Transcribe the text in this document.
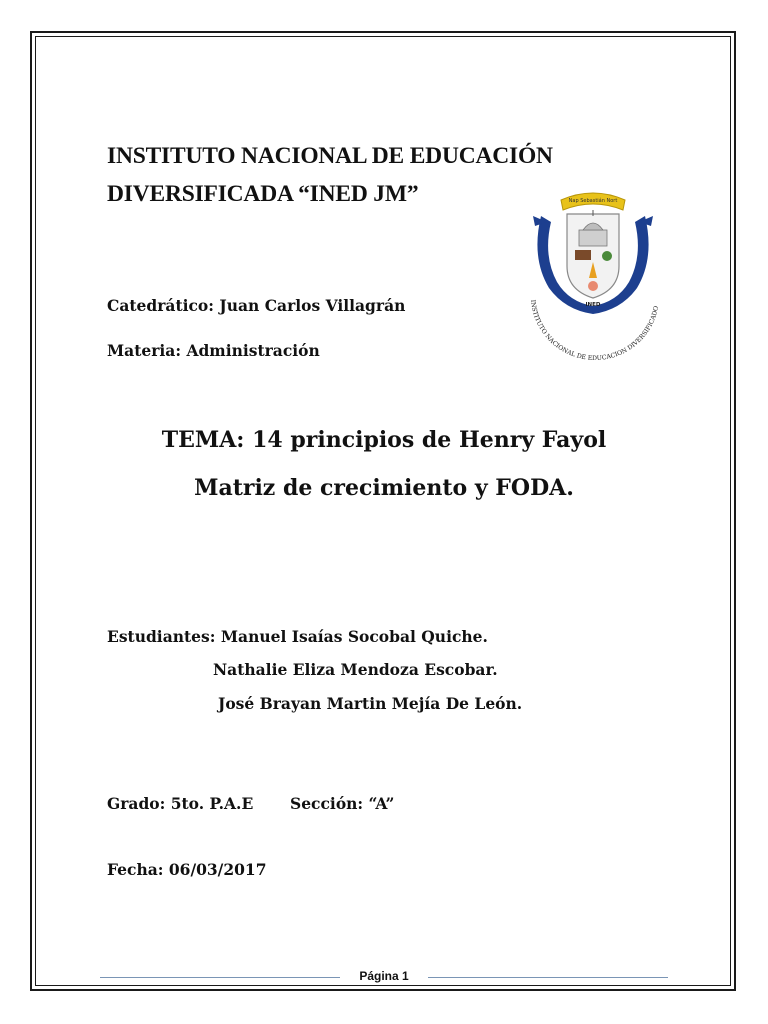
INSTITUTO NACIONAL DE EDUCACIÓN
DIVERSIFICADA “INED JM”	Nap Sebastián Nort
INED
INSTITUTO NACIONAL DE EDUCACION DIVERSIFICADO
Catedrático: Juan Carlos Villagrán
Materia: Administración
TEMA: 14 principios de Henry Fayol
Matriz de crecimiento y FODA.
Estudiantes: Manuel Isaías Socobal Quiche.
Nathalie Eliza Mendoza Escobar.
José Brayan Martin Mejía De León.
Grado: 5to. P.A.E Sección: “A”
Fecha: 06/03/2017
Página 1
